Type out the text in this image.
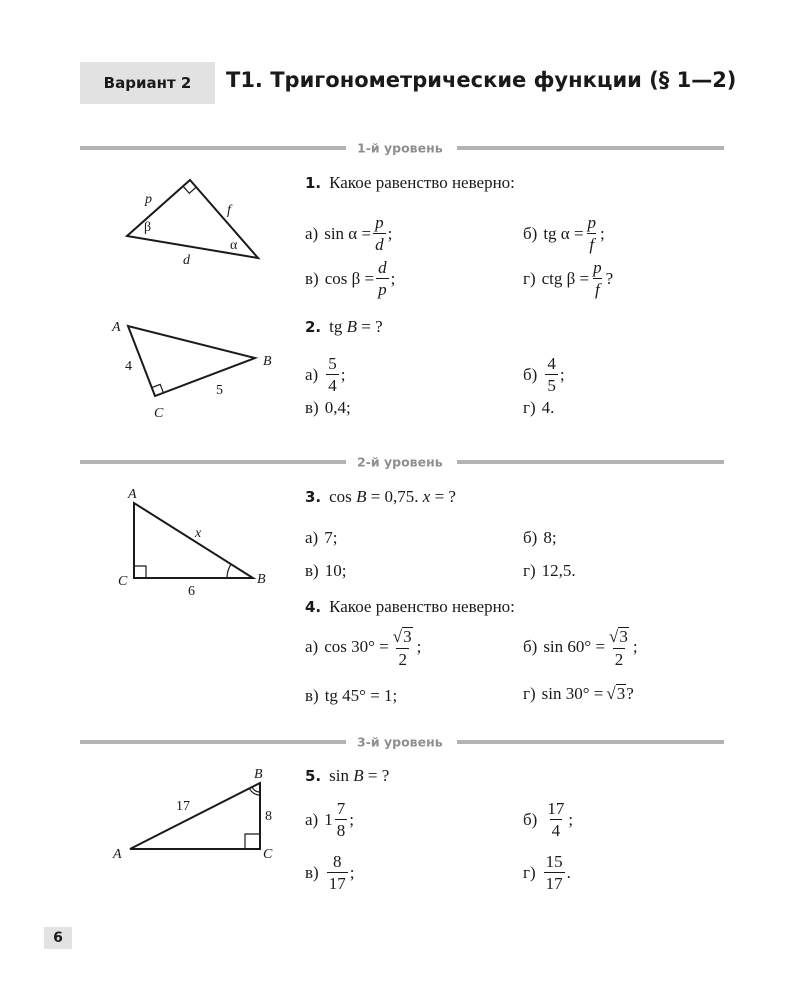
Вариант 2	Т1. Тригонометрические функции (§ 1—2)
1-й уровень
p
f
d
β
α
1. Какое равенство неверно:
а) $\sin \alpha = \frac{p}{d}$ ;	б) tg $\alpha = \frac{p}{f}$ ;
в) $\cos \beta = \frac{d}{p}$ ;	г) ctg $\beta = \frac{p}{f}$ ?
A
B
C
4
5
2. tg B = ?
$а) \frac{5}{4}$ ;	$б) \frac{4}{5}$ ;
в) 0,4;	г) 4.
2-й уровень
A
B
C
x
6
3. cos B = 0,75. x = ?
а) 7;	б) 8;
в) 10;	г) 12,5.
4. Какое равенство неверно:
а) $\cos 30^\circ = \frac{√3}{2}$ ;	б) $\sin 60^\circ = \frac{√3}{2}$ ;
в) tg 45° = 1;	г) sin 30° = √3 ?
3-й уровень
A
B
C
17
8
5. sin B = ?
а) $1 \frac{7}{8}$ ;	$б) \frac{17}{4}$ ;
$в) \frac{8}{17}$ ;	$г) \frac{15}{17}$ .
6
